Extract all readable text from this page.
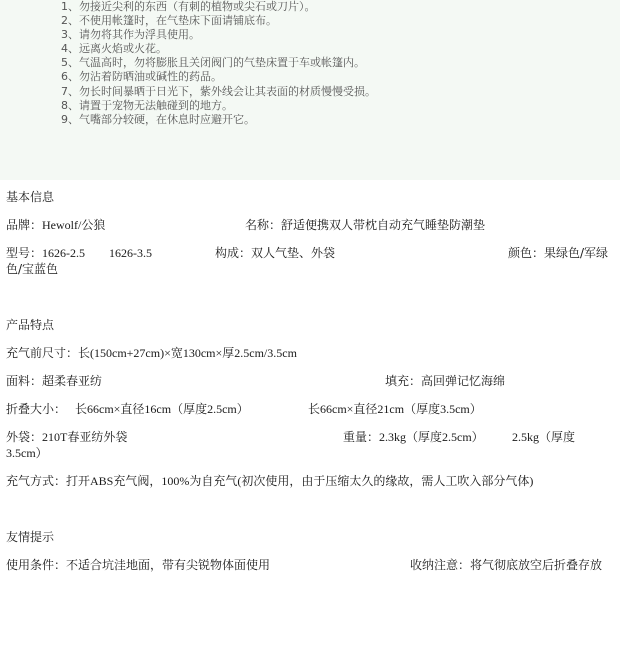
1、勿接近尖利的东西（有刺的植物或尖石或刀片）。
2、不使用帐篷时，在气垫床下面请铺底布。
3、请勿将其作为浮具使用。
4、远离火焰或火花。
5、气温高时，勿将膨胀且关闭阀门的气垫床置于车或帐篷内。
6、勿沾着防晒油或碱性的药品。
7、勿长时间暴晒于日光下，紫外线会让其表面的材质慢慢受损。
8、请置于宠物无法触碰到的地方。
9、气嘴部分较硬，在休息时应避开它。
基本信息
品牌：Hewolf/公狼	名称：舒适便携双人带枕自动充气睡垫防潮垫
型号：1626-2.5　　1626-3.5	构成：双人气垫、外袋	颜色：果绿色/军绿
色/宝蓝色
产品特点
充气前尺寸：长(150cm+27cm)×宽130cm×厚2.5cm/3.5cm
面料：超柔春亚纺	填充：高回弹记忆海绵
折叠大小： 长66cm×直径16cm（厚度2.5cm）	长66cm×直径21cm（厚度3.5cm）
外袋：210T春亚纺外袋	重量：2.3kg（厚度2.5cm） 2.5kg（厚度
3.5cm）
充气方式：打开ABS充气阀，100%为自充气(初次使用，由于压缩太久的缘故，需人工吹入部分气体)
友情提示
使用条件：不适合坑洼地面，带有尖锐物体面使用	收纳注意：将气彻底放空后折叠存放
